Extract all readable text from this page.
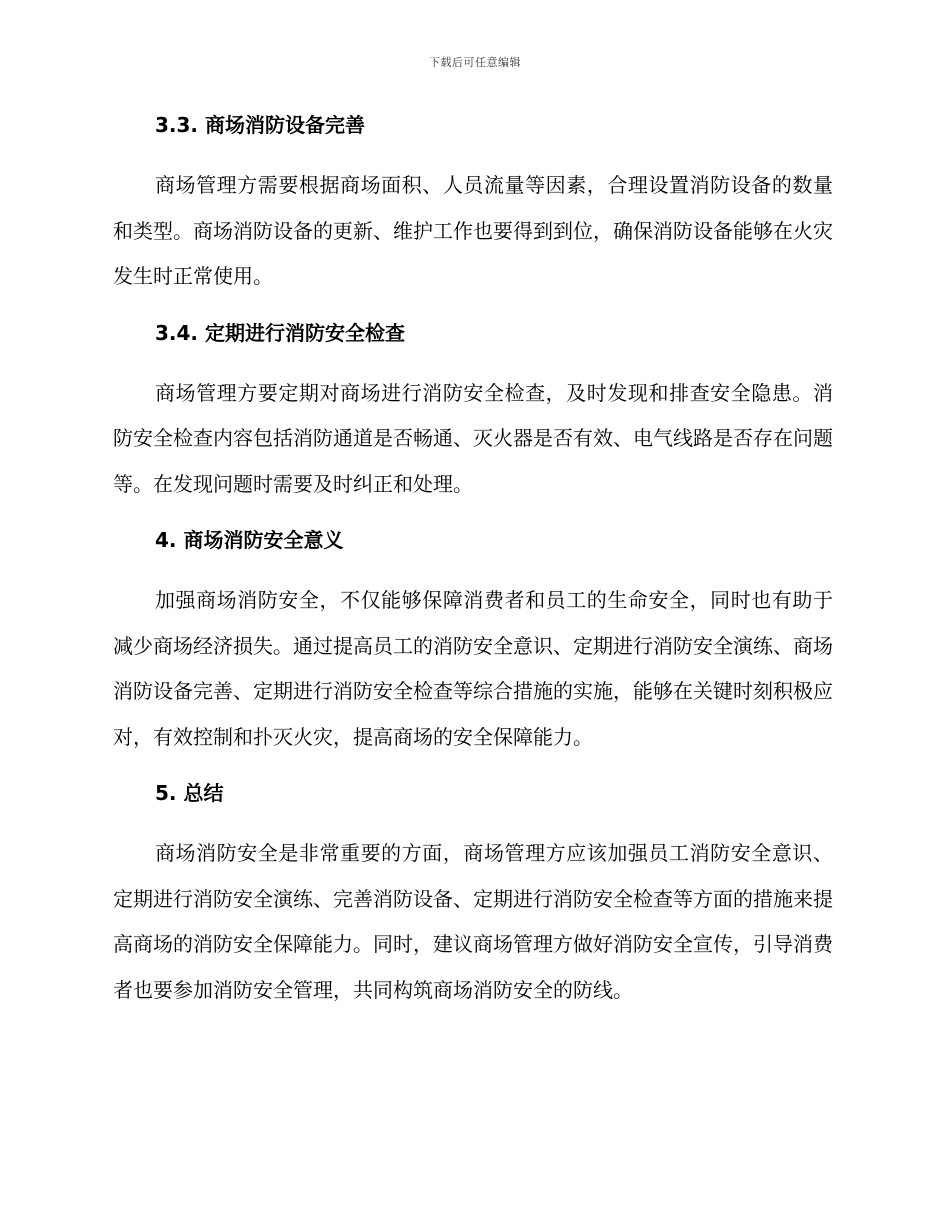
下载后可任意编辑
3.3. 商场消防设备完善

商场管理方需要根据商场面积、人员流量等因素，合理设置消防设备的数量和类型。商场消防设备的更新、维护工作也要得到到位，确保消防设备能够在火灾发生时正常使用。

3.4. 定期进行消防安全检查

商场管理方要定期对商场进行消防安全检查，及时发现和排查安全隐患。消防安全检查内容包括消防通道是否畅通、灭火器是否有效、电气线路是否存在问题等。在发现问题时需要及时纠正和处理。

4. 商场消防安全意义

加强商场消防安全，不仅能够保障消费者和员工的生命安全，同时也有助于减少商场经济损失。通过提高员工的消防安全意识、定期进行消防安全演练、商场消防设备完善、定期进行消防安全检查等综合措施的实施，能够在关键时刻积极应对，有效控制和扑灭火灾，提高商场的安全保障能力。

5. 总结

商场消防安全是非常重要的方面，商场管理方应该加强员工消防安全意识、定期进行消防安全演练、完善消防设备、定期进行消防安全检查等方面的措施来提高商场的消防安全保障能力。同时，建议商场管理方做好消防安全宣传，引导消费者也要参加消防安全管理，共同构筑商场消防安全的防线。
